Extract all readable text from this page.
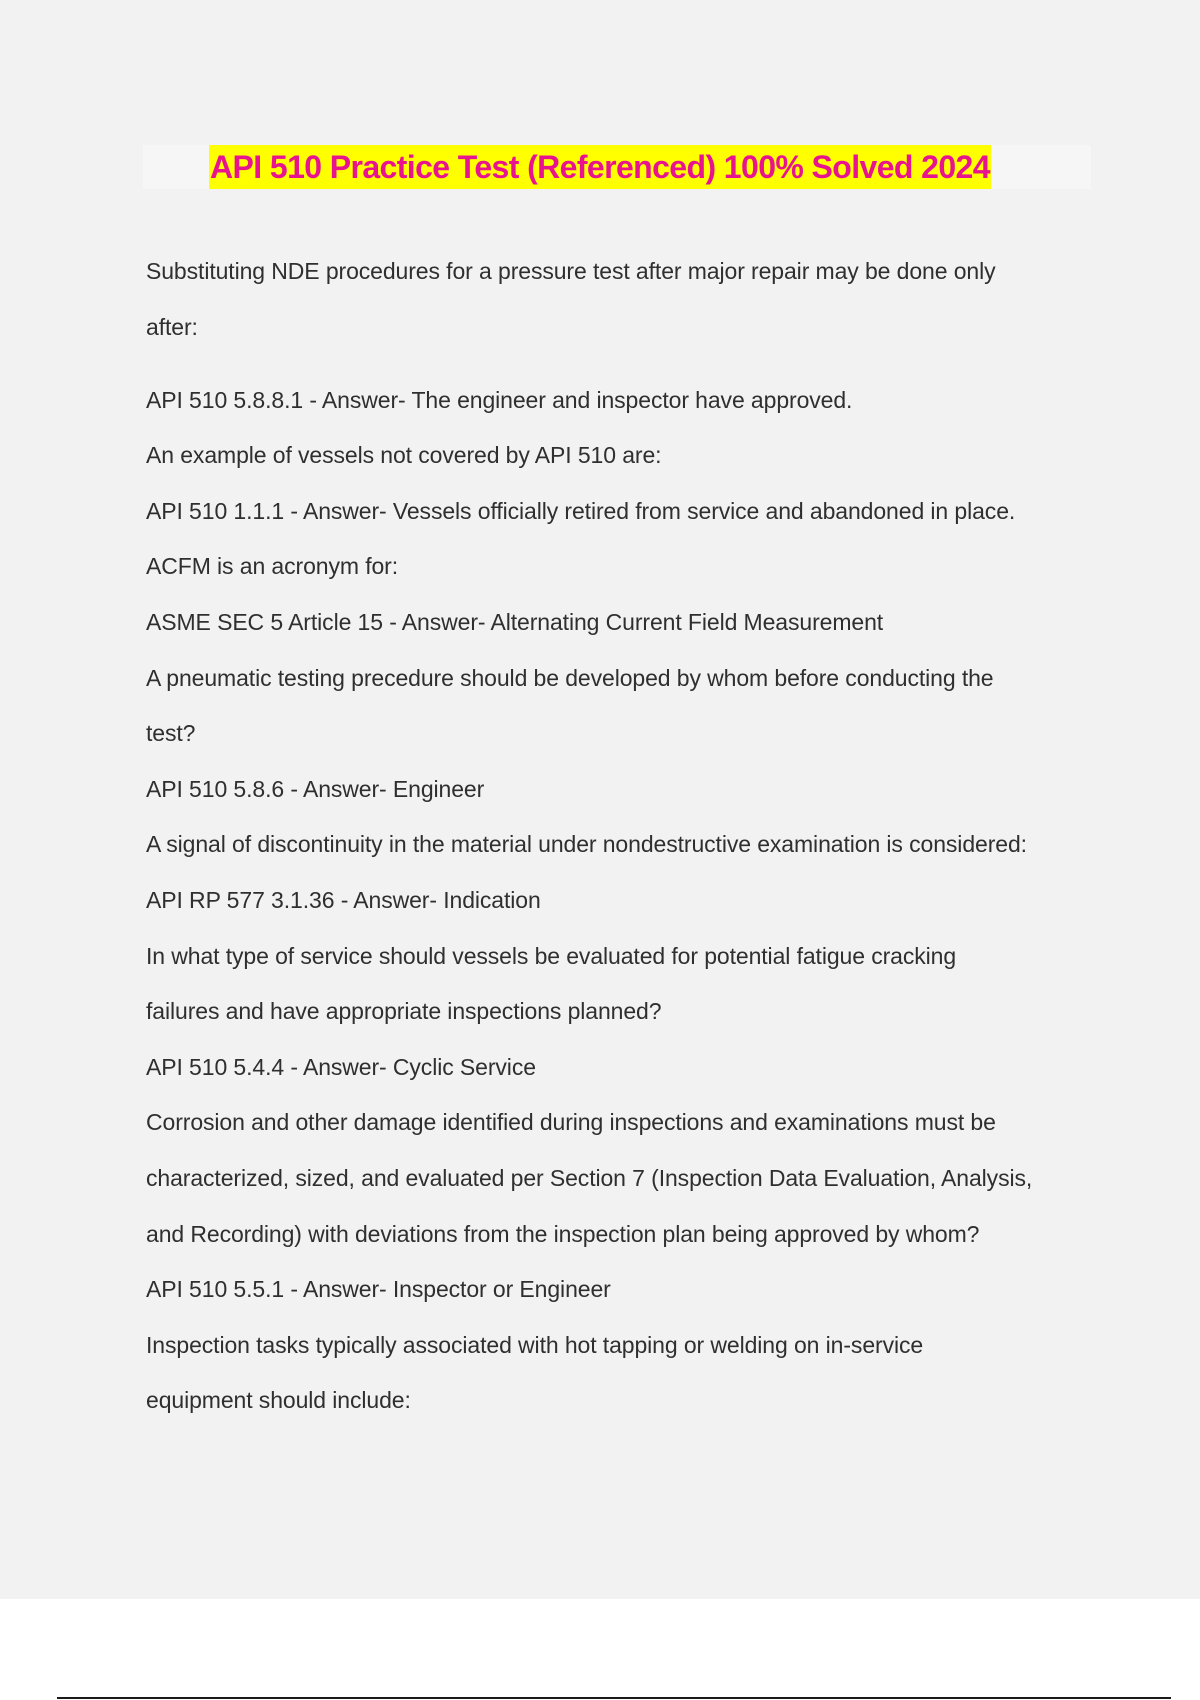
API 510 Practice Test (Referenced) 100% Solved 2024
Substituting NDE procedures for a pressure test after major repair may be done only
after:
API 510 5.8.8.1 - Answer- The engineer and inspector have approved.
An example of vessels not covered by API 510 are:
API 510 1.1.1 - Answer- Vessels officially retired from service and abandoned in place.
ACFM is an acronym for:
ASME SEC 5 Article 15 - Answer- Alternating Current Field Measurement
A pneumatic testing precedure should be developed by whom before conducting the
test?
API 510 5.8.6 - Answer- Engineer
A signal of discontinuity in the material under nondestructive examination is considered:
API RP 577 3.1.36 - Answer- Indication
In what type of service should vessels be evaluated for potential fatigue cracking
failures and have appropriate inspections planned?
API 510 5.4.4 - Answer- Cyclic Service
Corrosion and other damage identified during inspections and examinations must be
characterized, sized, and evaluated per Section 7 (Inspection Data Evaluation, Analysis,
and Recording) with deviations from the inspection plan being approved by whom?
API 510 5.5.1 - Answer- Inspector or Engineer
Inspection tasks typically associated with hot tapping or welding on in-service
equipment should include:
